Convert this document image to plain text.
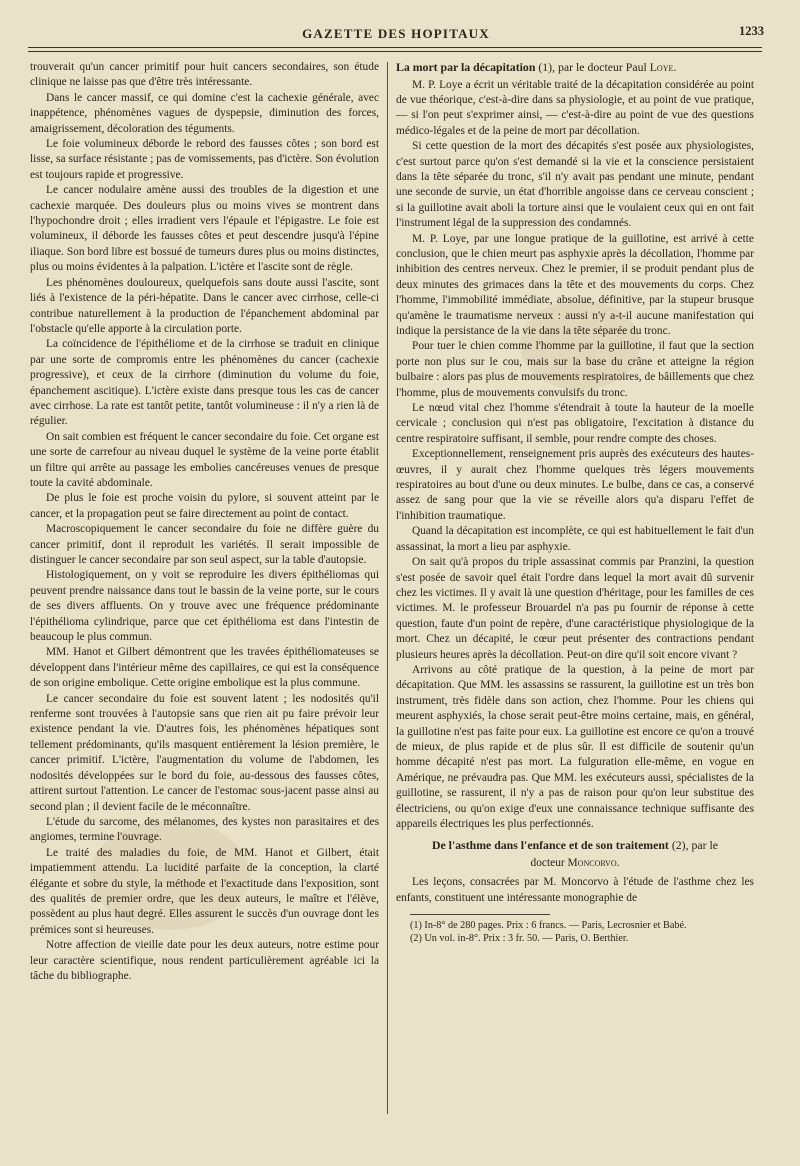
GAZETTE DES HOPITAUX	1233

trouverait qu'un cancer primitif pour huit cancers secondaires, son étude clinique ne laisse pas que d'être très intéressante.

Dans le cancer massif, ce qui domine c'est la cachexie générale, avec inappétence, phénomènes vagues de dyspepsie, diminution des forces, amaigrissement, décoloration des téguments.

Le foie volumineux déborde le rebord des fausses côtes ; son bord est lisse, sa surface résistante ; pas de vomissements, pas d'ictère. Son évolution est toujours rapide et progressive.

Le cancer nodulaire amène aussi des troubles de la digestion et une cachexie marquée. Des douleurs plus ou moins vives se montrent dans l'hypochondre droit ; elles irradient vers l'épaule et l'épigastre. Le foie est volumineux, il déborde les fausses côtes et peut descendre jusqu'à l'épine iliaque. Son bord libre est bossué de tumeurs dures plus ou moins distinctes, plus ou moins évidentes à la palpation. L'ictère et l'ascite sont de règle.

Les phénomènes douloureux, quelquefois sans doute aussi l'ascite, sont liés à l'existence de la péri-hépatite. Dans le cancer avec cirrhose, celle-ci contribue naturellement à la production de l'épanchement abdominal par l'obstacle qu'elle apporte à la circulation porte.

La coïncidence de l'épithéliome et de la cirrhose se traduit en clinique par une sorte de compromis entre les phénomènes du cancer (cachexie progressive), et ceux de la cirrhore (diminution du volume du foie, épanchement ascitique). L'ictère existe dans presque tous les cas de cancer avec cirrhose. La rate est tantôt petite, tantôt volumineuse : il n'y a rien là de régulier.

On sait combien est fréquent le cancer secondaire du foie. Cet organe est une sorte de carrefour au niveau duquel le système de la veine porte établit un filtre qui arrête au passage les embolies cancéreuses venues de presque toute la cavité abdominale.

De plus le foie est proche voisin du pylore, si souvent atteint par le cancer, et la propagation peut se faire directement au point de contact.

Macroscopiquement le cancer secondaire du foie ne diffère guère du cancer primitif, dont il reproduit les variétés. Il serait impossible de distinguer le cancer secondaire par son seul aspect, sur la table d'autopsie.

Histologiquement, on y voit se reproduire les divers épithéliomas qui peuvent prendre naissance dans tout le bassin de la veine porte, sur le cours de ses divers affluents. On y trouve avec une fréquence prédominante l'épithélioma cylindrique, parce que cet épithélioma est dans l'intestin de beaucoup le plus commun.

MM. Hanot et Gilbert démontrent que les travées épithéliomateuses se développent dans l'intérieur même des capillaires, ce qui est la conséquence de son origine embolique. Cette origine embolique est la plus commune.

Le cancer secondaire du foie est souvent latent ; les nodosités qu'il renferme sont trouvées à l'autopsie sans que rien ait pu faire prévoir leur existence pendant la vie. D'autres fois, les phénomènes hépatiques sont tellement prédominants, qu'ils masquent entièrement la lésion première, le cancer primitif. L'ictère, l'augmentation du volume de l'abdomen, les nodosités développées sur le bord du foie, au-dessous des fausses côtes, attirent surtout l'attention. Le cancer de l'estomac sous-jacent passe ainsi au second plan ; il devient facile de le méconnaître.

L'étude du sarcome, des mélanomes, des kystes non parasitaires et des angiomes, termine l'ouvrage.

Le traité des maladies du foie, de MM. Hanot et Gilbert, était impatiemment attendu. La lucidité parfaite de la conception, la clarté élégante et sobre du style, la méthode et l'exactitude dans l'exposition, sont des qualités de premier ordre, que les deux auteurs, le maître et l'élève, possèdent au plus haut degré. Elles assurent le succès d'un ouvrage dont les prémices sont si heureuses.

Notre affection de vieille date pour les deux auteurs, notre estime pour leur caractère scientifique, nous rendent particulièrement agréable ici la tâche du bibliographe.

La mort par la décapitation (1), par le docteur Paul Loye.

M. P. Loye a écrit un véritable traité de la décapitation considérée au point de vue théorique, c'est-à-dire dans sa physiologie, et au point de vue pratique, — si l'on peut s'exprimer ainsi, — c'est-à-dire au point de vue des questions médico-légales et de la peine de mort par décollation.

Si cette question de la mort des décapités s'est posée aux physiologistes, c'est surtout parce qu'on s'est demandé si la vie et la conscience persistaient dans la tête séparée du tronc, s'il n'y avait pas pendant une minute, pendant une seconde de survie, un état d'horrible angoisse dans ce cerveau conscient ; si la guillotine avait aboli la torture ainsi que le voulaient ceux qui en ont fait l'instrument légal de la suppression des condamnés.

M. P. Loye, par une longue pratique de la guillotine, est arrivé à cette conclusion, que le chien meurt pas asphyxie après la décollation, l'homme par inhibition des centres nerveux. Chez le premier, il se produit pendant plus de deux minutes des grimaces dans la tête et des mouvements du corps. Chez l'homme, l'immobilité immédiate, absolue, définitive, par la stupeur brusque qu'amène le traumatisme nerveux : aussi n'y a-t-il aucune manifestation qui indique la persistance de la vie dans la tête séparée du tronc.

Pour tuer le chien comme l'homme par la guillotine, il faut que la section porte non plus sur le cou, mais sur la base du crâne et atteigne la région bulbaire : alors pas plus de mouvements respiratoires, de bâillements que chez l'homme, plus de mouvements convulsifs du tronc.

Le nœud vital chez l'homme s'étendrait à toute la hauteur de la moelle cervicale ; conclusion qui n'est pas obligatoire, l'excitation à distance du centre respiratoire suffisant, il semble, pour rendre compte des choses.

Exceptionnellement, renseignement pris auprès des exécuteurs des hautes-œuvres, il y aurait chez l'homme quelques très légers mouvements respiratoires au bout d'une ou deux minutes. Le bulbe, dans ce cas, a conservé assez de sang pour que la vie se réveille alors qu'a disparu l'effet de l'inhibition traumatique.

Quand la décapitation est incomplète, ce qui est habituellement le fait d'un assassinat, la mort a lieu par asphyxie.

On sait qu'à propos du triple assassinat commis par Pranzini, la question s'est posée de savoir quel était l'ordre dans lequel la mort avait dû survenir chez les victimes. Il y avait là une question d'héritage, pour les familles de ces victimes. M. le professeur Brouardel n'a pas pu fournir de réponse à cette question, faute d'un point de repère, d'une caractéristique physiologique de la mort. Chez un décapité, le cœur peut présenter des contractions pendant plusieurs heures après la décollation. Peut-on dire qu'il soit encore vivant ?

Arrivons au côté pratique de la question, à la peine de mort par décapitation. Que MM. les assassins se rassurent, la guillotine est un très bon instrument, très fidèle dans son action, chez l'homme. Pour les chiens qui meurent asphyxiés, la chose serait peut-être moins certaine, mais, en général, la guillotine n'est pas faite pour eux. La guillotine est encore ce qu'on a trouvé de mieux, de plus rapide et de plus sûr. Il est difficile de soutenir qu'un homme décapité n'est pas mort. La fulguration elle-même, en vogue en Amérique, ne prévaudra pas. Que MM. les exécuteurs aussi, spécialistes de la guillotine, se rassurent, il n'y a pas de raison pour qu'on leur substitue des électriciens, ou qu'on exige d'eux une connaissance technique suffisante des appareils électriques les plus perfectionnés.

De l'asthme dans l'enfance et de son traitement (2), par le
docteur Moncorvo.

Les leçons, consacrées par M. Moncorvo à l'étude de l'asthme chez les enfants, constituent une intéressante monographie de

(1) In-8° de 280 pages. Prix : 6 francs. — Paris, Lecrosnier et Babé.

(2) Un vol. in-8°. Prix : 3 fr. 50. — Paris, O. Berthier.
